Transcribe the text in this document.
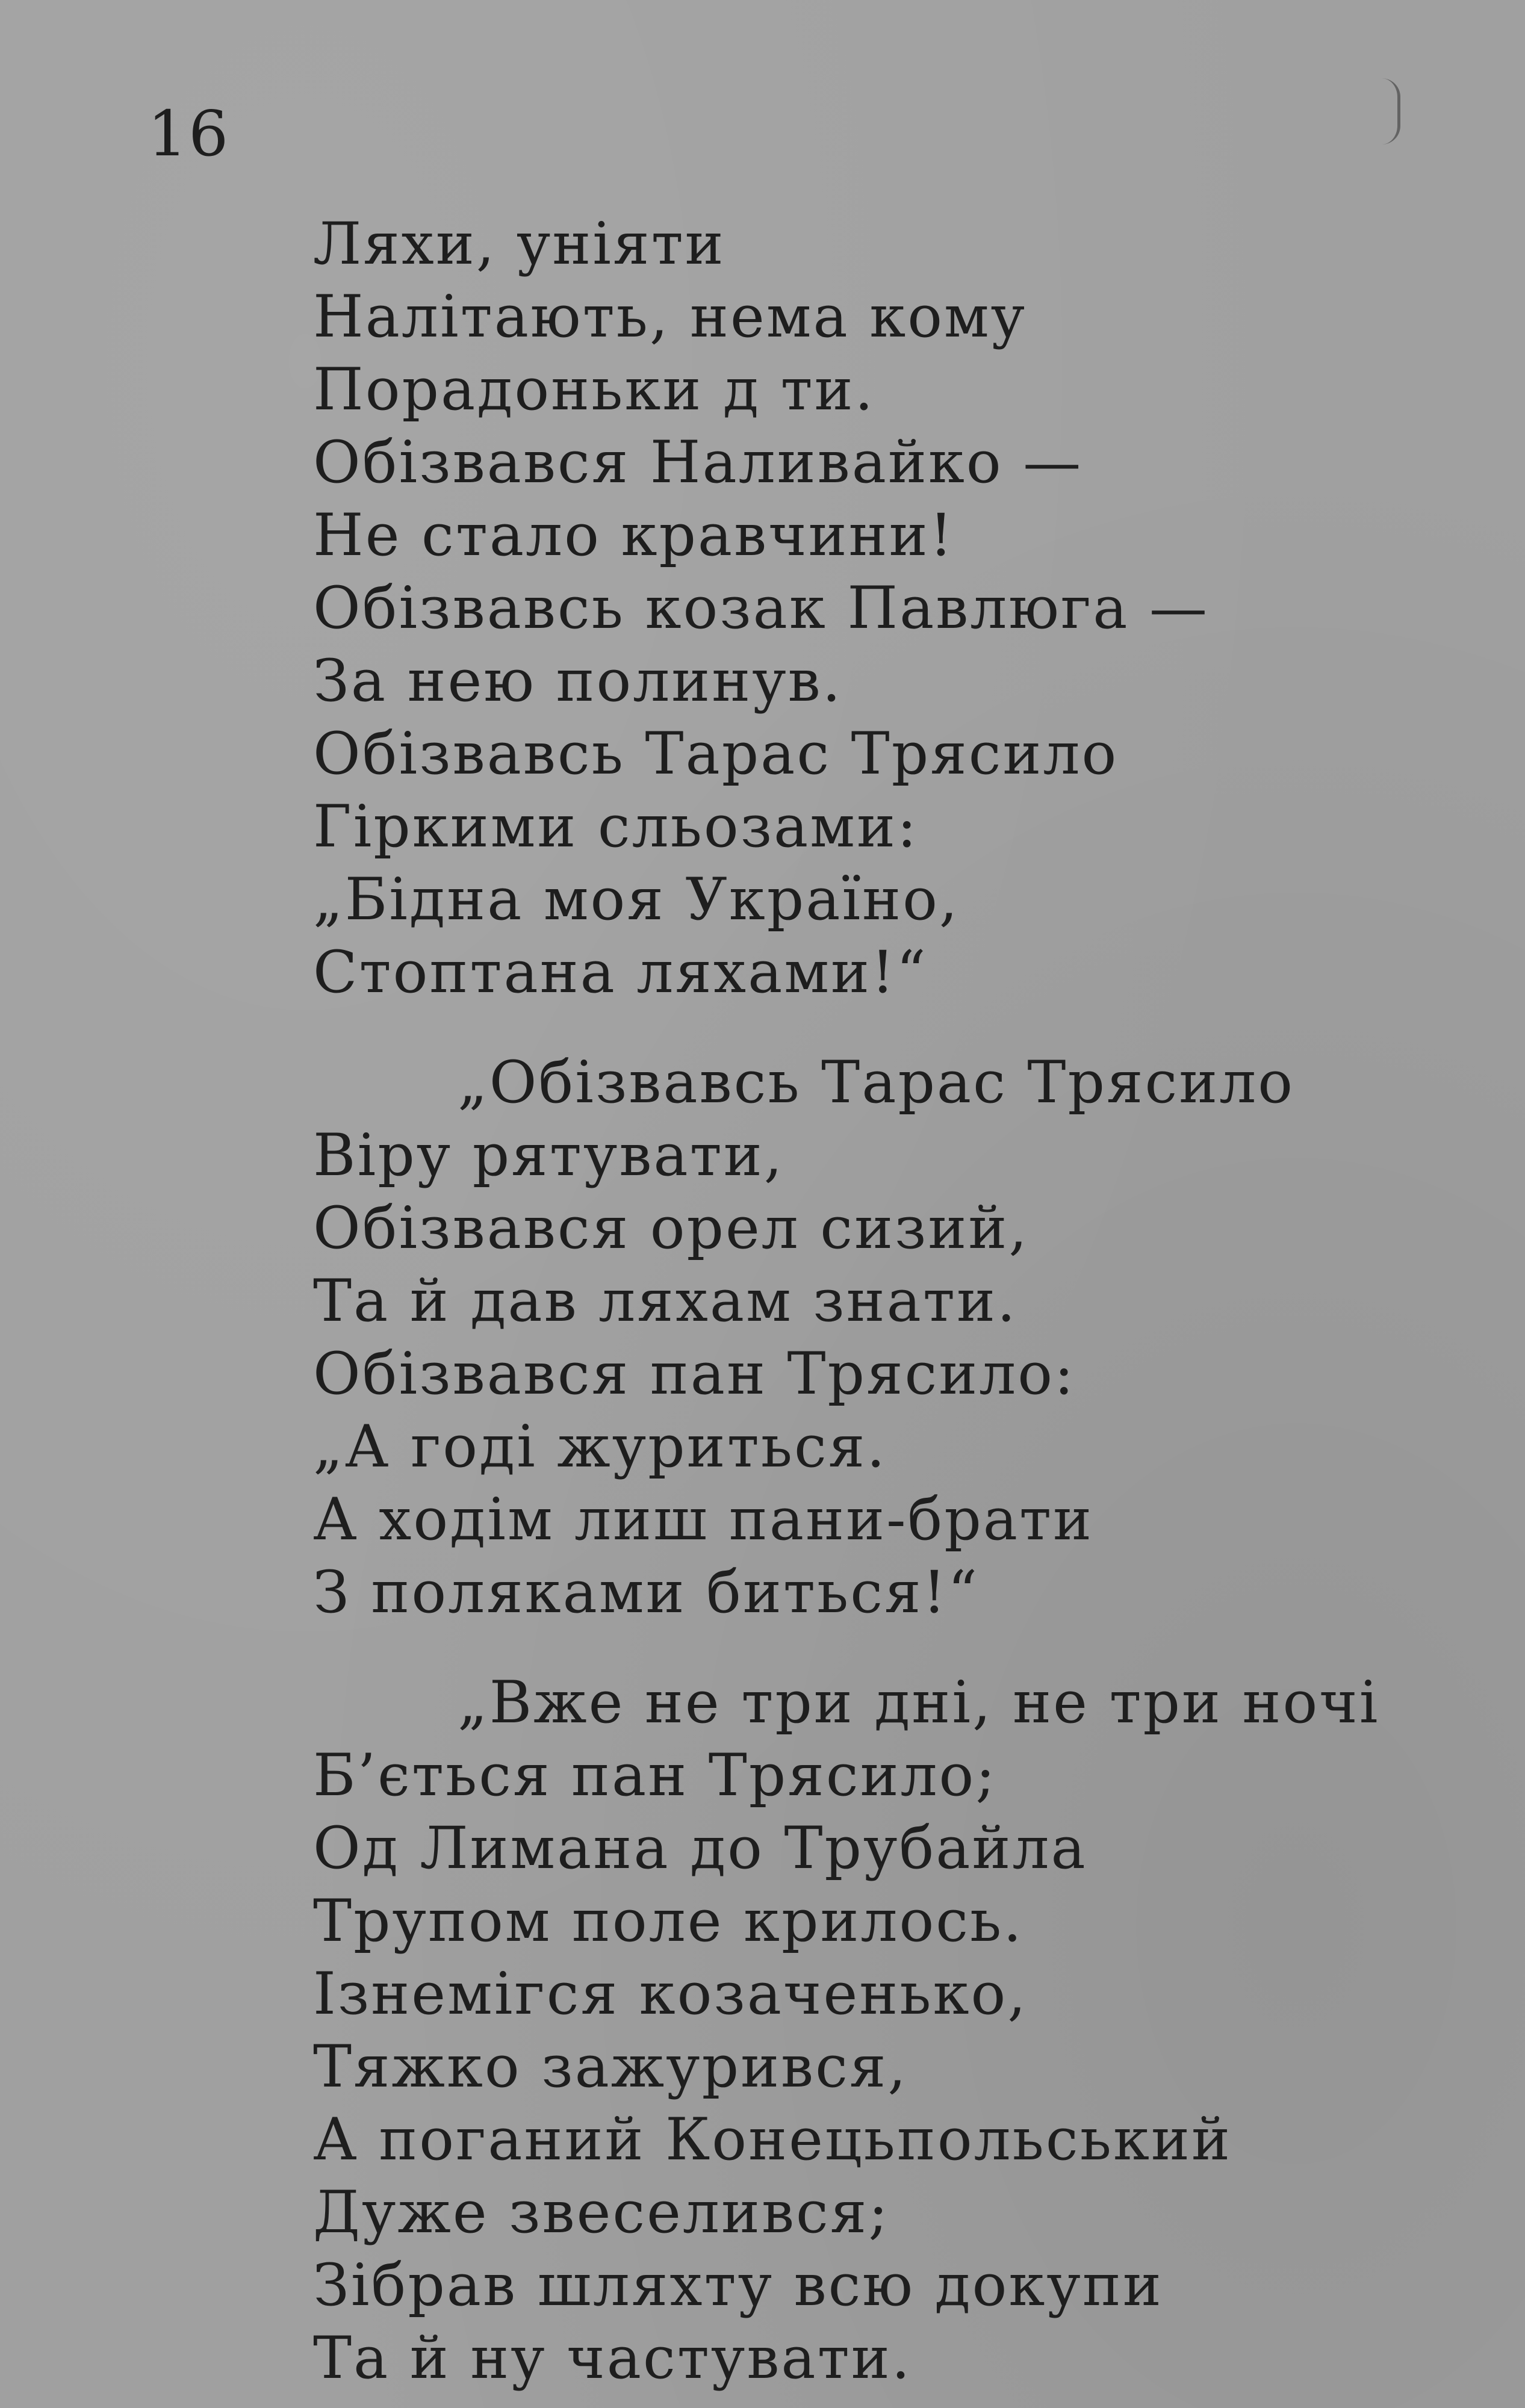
16
Ляхи, уніяти
Налітають, нема кому
Порадоньки д ти.
Обізвався Наливайко —
Не стало кравчини!
Обізвавсь козак Павлюга —
За нею полинув.
Обізвавсь Тарас Трясило
Гіркими сльозами:
„Бідна моя Україно,
Стоптана ляхами!“
„Обізвавсь Тарас Трясило
Віру рятувати,
Обізвався орел сизий,
Та й дав ляхам знати.
Обізвався пан Трясило:
„А годі журиться.
А ходім лиш пани-брати
З поляками биться!“
„Вже не три дні, не три ночі
Б’ється пан Трясило;
Од Лимана до Трубайла
Трупом поле крилось.
Ізнемігся козаченько,
Тяжко зажурився,
А поганий Конецьпольський
Дуже звеселився;
Зібрав шляхту всю докупи
Та й ну частувати.
